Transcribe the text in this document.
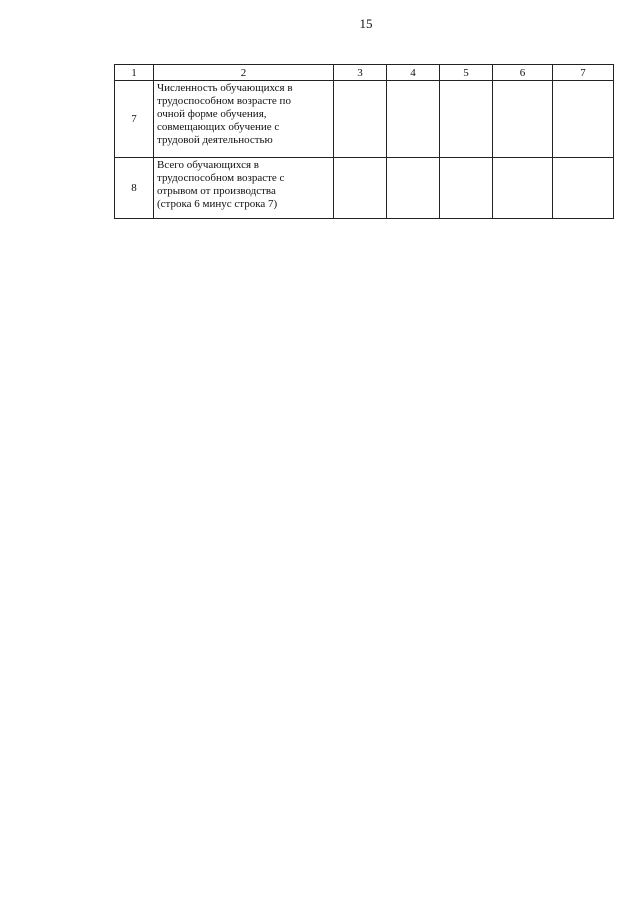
15
1	2	3	4	5	6	7
7	Численность обучающихся в
трудоспособном возрасте по
очной форме обучения,
совмещающих обучение с
трудовой деятельностью					

8	Всего обучающихся в
трудоспособном возрасте с
отрывом от производства
(строка 6 минус строка 7)					
